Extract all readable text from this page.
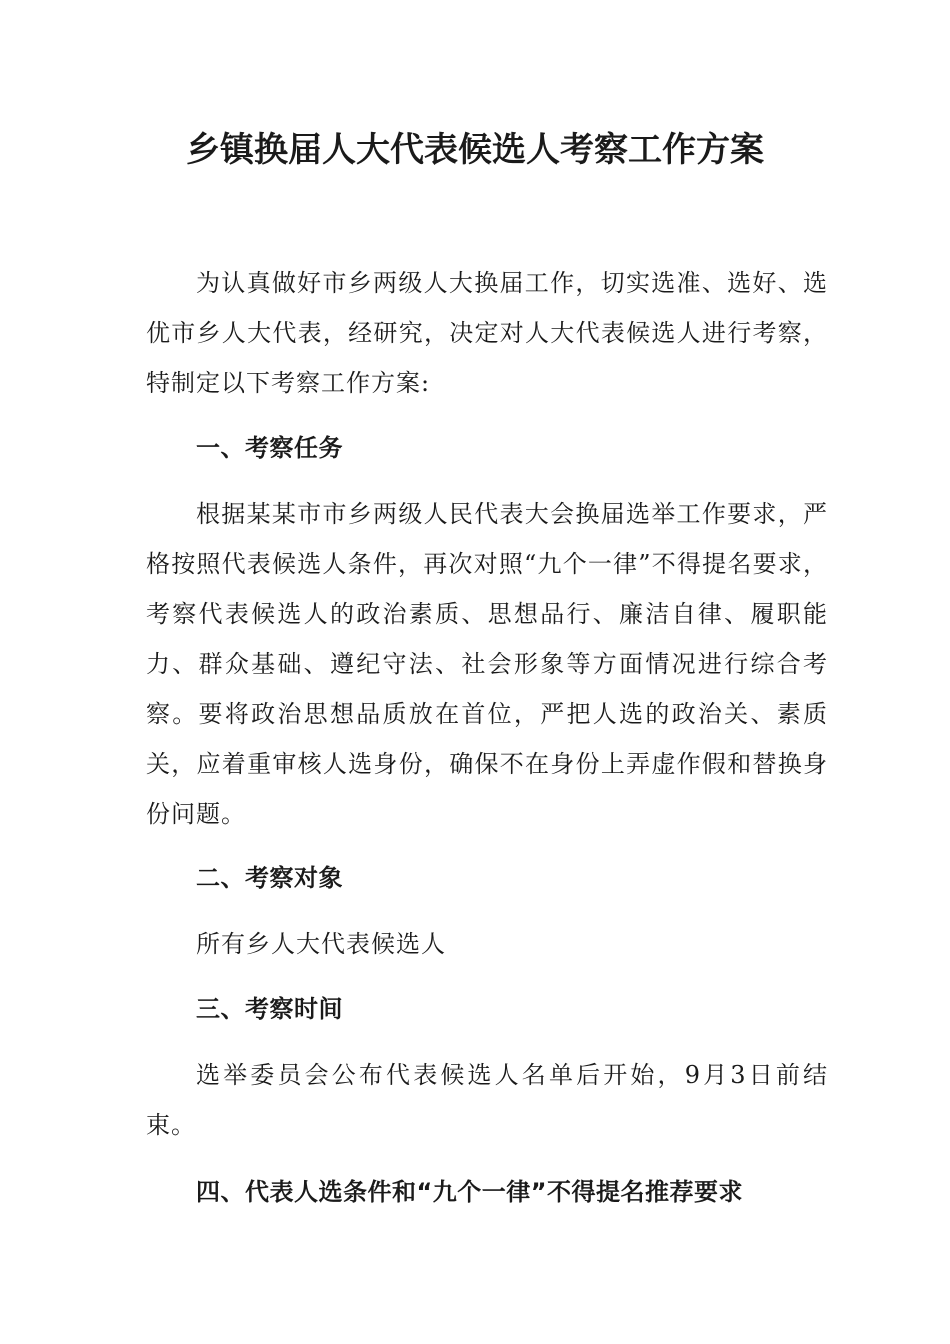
乡镇换届人大代表候选人考察工作方案

为认真做好市乡两级人大换届工作，切实选准、选好、选优市乡人大代表，经研究，决定对人大代表候选人进行考察，特制定以下考察工作方案:

一、考察任务

根据某某市市乡两级人民代表大会换届选举工作要求，严格按照代表候选人条件，再次对照“九个一律”不得提名要求，考察代表候选人的政治素质、思想品行、廉洁自律、履职能力、群众基础、遵纪守法、社会形象等方面情况进行综合考察。要将政治思想品质放在首位，严把人选的政治关、素质关，应着重审核人选身份，确保不在身份上弄虚作假和替换身份问题。

二、考察对象

所有乡人大代表候选人

三、考察时间

选举委员会公布代表候选人名单后开始，9月3日前结束。

四、代表人选条件和“九个一律”不得提名推荐要求
